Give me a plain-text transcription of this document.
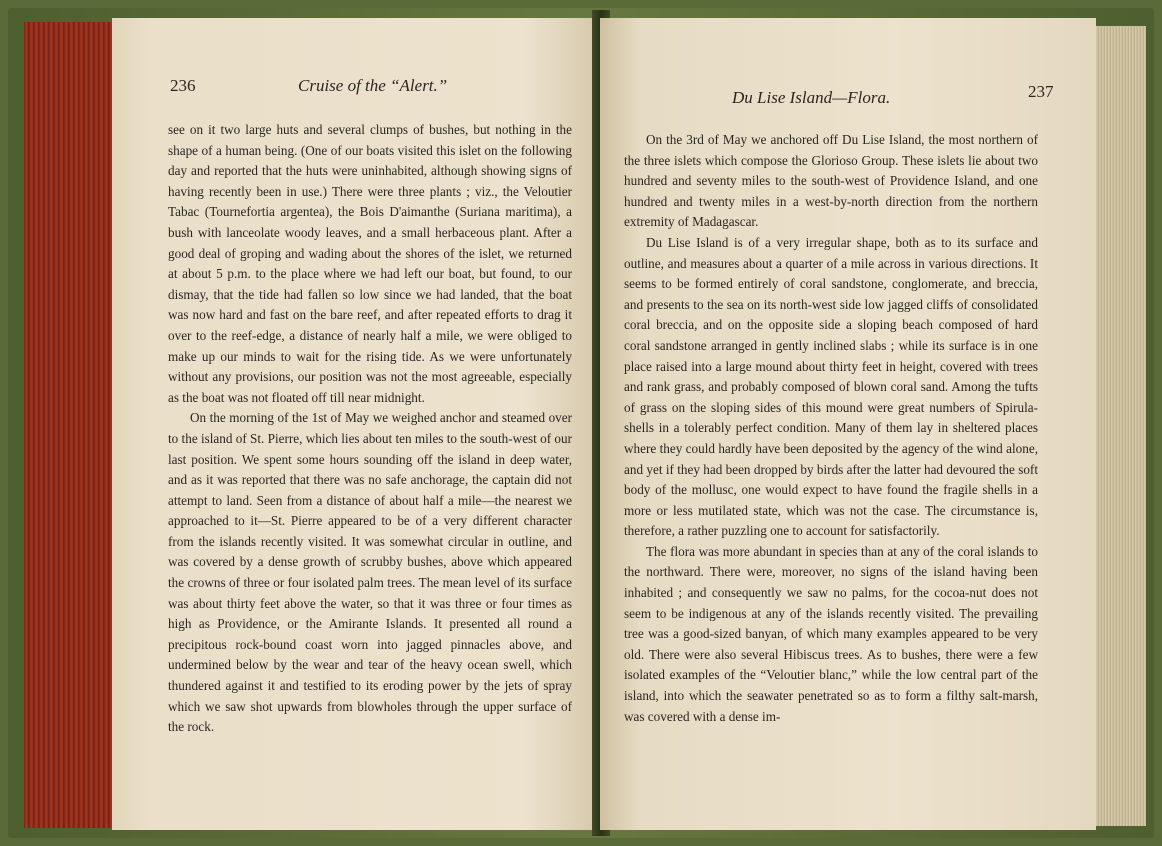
236	Cruise of the “Alert.”

see on it two large huts and several clumps of bushes, but nothing in the shape of a human being. (One of our boats visited this islet on the following day and reported that the huts were uninhabited, although showing signs of having recently been in use.) There were three plants ; viz., the Veloutier Tabac (Tournefortia argentea), the Bois D'aimanthe (Suriana maritima), a bush with lanceolate woody leaves, and a small herbaceous plant. After a good deal of groping and wading about the shores of the islet, we returned at about 5 p.m. to the place where we had left our boat, but found, to our dismay, that the tide had fallen so low since we had landed, that the boat was now hard and fast on the bare reef, and after repeated efforts to drag it over to the reef-edge, a distance of nearly half a mile, we were obliged to make up our minds to wait for the rising tide. As we were unfortunately without any provisions, our position was not the most agreeable, especially as the boat was not floated off till near midnight.

On the morning of the 1st of May we weighed anchor and steamed over to the island of St. Pierre, which lies about ten miles to the south-west of our last position. We spent some hours sounding off the island in deep water, and as it was reported that there was no safe anchorage, the captain did not attempt to land. Seen from a distance of about half a mile—the nearest we approached to it—St. Pierre appeared to be of a very different character from the islands recently visited. It was somewhat circular in outline, and was covered by a dense growth of scrubby bushes, above which appeared the crowns of three or four isolated palm trees. The mean level of its surface was about thirty feet above the water, so that it was three or four times as high as Providence, or the Amirante Islands. It presented all round a precipitous rock-bound coast worn into jagged pinnacles above, and undermined below by the wear and tear of the heavy ocean swell, which thundered against it and testified to its eroding power by the jets of spray which we saw shot upwards from blowholes through the upper surface of the rock.

Du Lise Island—Flora.	237

On the 3rd of May we anchored off Du Lise Island, the most northern of the three islets which compose the Glorioso Group. These islets lie about two hundred and seventy miles to the south-west of Providence Island, and one hundred and twenty miles in a west-by-north direction from the northern extremity of Madagascar.

Du Lise Island is of a very irregular shape, both as to its surface and outline, and measures about a quarter of a mile across in various directions. It seems to be formed entirely of coral sandstone, conglomerate, and breccia, and presents to the sea on its north-west side low jagged cliffs of consolidated coral breccia, and on the opposite side a sloping beach composed of hard coral sandstone arranged in gently inclined slabs ; while its surface is in one place raised into a large mound about thirty feet in height, covered with trees and rank grass, and probably composed of blown coral sand. Among the tufts of grass on the sloping sides of this mound were great numbers of Spirula-shells in a tolerably perfect condition. Many of them lay in sheltered places where they could hardly have been deposited by the agency of the wind alone, and yet if they had been dropped by birds after the latter had devoured the soft body of the mollusc, one would expect to have found the fragile shells in a more or less mutilated state, which was not the case. The circumstance is, therefore, a rather puzzling one to account for satisfactorily.

The flora was more abundant in species than at any of the coral islands to the northward. There were, moreover, no signs of the island having been inhabited ; and consequently we saw no palms, for the cocoa-nut does not seem to be indigenous at any of the islands recently visited. The prevailing tree was a good-sized banyan, of which many examples appeared to be very old. There were also several Hibiscus trees. As to bushes, there were a few isolated examples of the “Veloutier blanc,” while the low central part of the island, into which the seawater penetrated so as to form a filthy salt-marsh, was covered with a dense im-
